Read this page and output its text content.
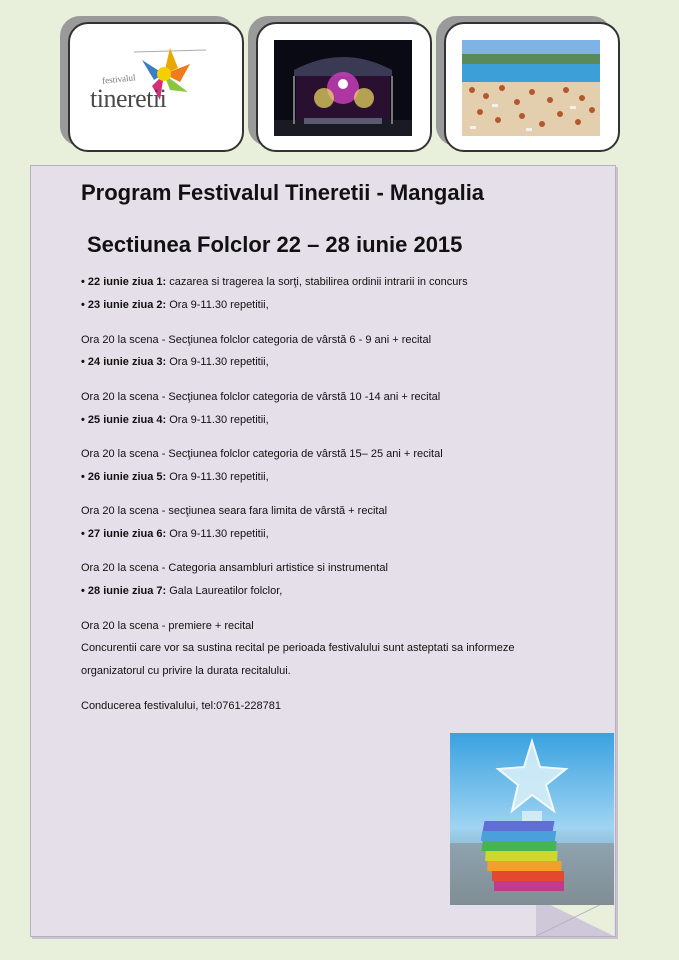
festivalul
tineretii
Program Festivalul Tineretii - Mangalia
Sectiunea Folclor 22 – 28 iunie 2015
• 22 iunie ziua 1: cazarea si tragerea la sorţi, stabilirea ordinii intrarii in concurs
• 23 iunie ziua 2: Ora 9-11.30 repetitii,
Ora 20 la scena - Secţiunea folclor categoria de vârstă 6 - 9 ani + recital
• 24 iunie ziua 3: Ora 9-11.30 repetitii,
Ora 20 la scena - Secţiunea folclor categoria de vârstă 10 -14 ani + recital
• 25 iunie ziua 4: Ora 9-11.30 repetitii,
Ora 20 la scena - Secţiunea folclor categoria de vârstă 15– 25 ani + recital
• 26 iunie ziua 5: Ora 9-11.30 repetitii,
Ora 20 la scena - secţiunea seara fara limita de vârstă + recital
• 27 iunie ziua 6: Ora 9-11.30 repetitii,
Ora 20 la scena - Categoria ansambluri artistice si instrumental
• 28 iunie ziua 7: Gala Laureatilor folclor,
Ora 20 la scena - premiere + recital
Concurentii care vor sa sustina recital pe perioada festivalului sunt asteptati sa informeze
organizatorul cu privire la durata recitalului.
Conducerea festivalului, tel:0761-228781
